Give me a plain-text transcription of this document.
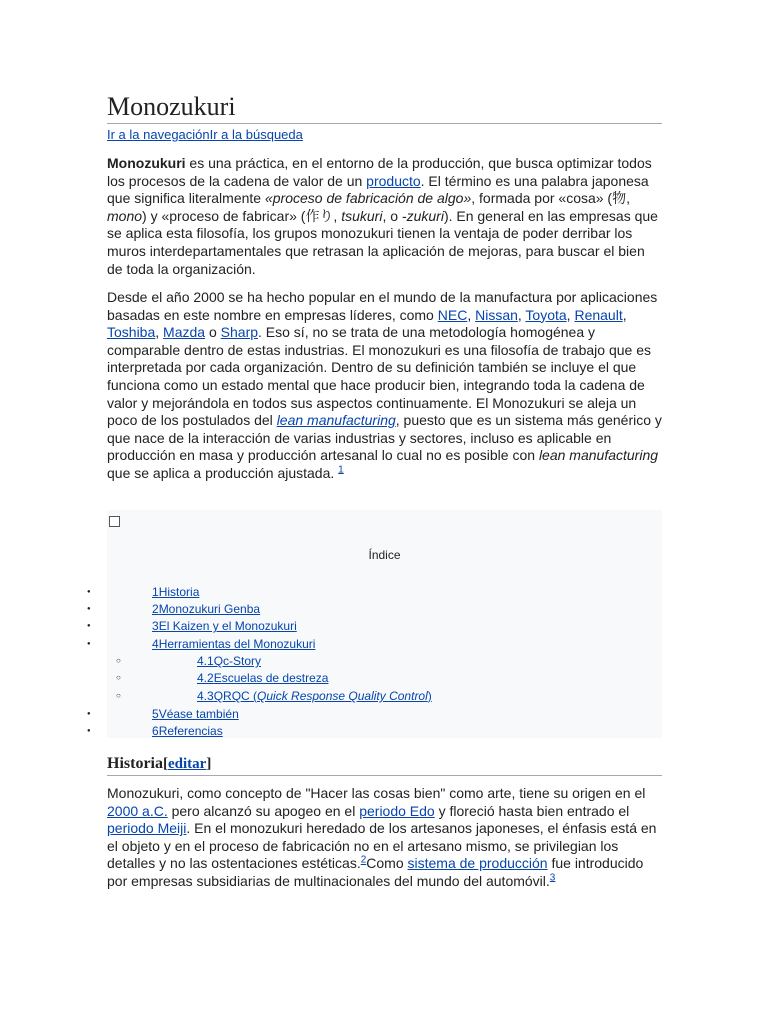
Monozukuri
Ir a la navegaciónIr a la búsqueda

Monozukuri es una práctica, en el entorno de la producción, que busca optimizar todos los procesos de la cadena de valor de un producto. El término es una palabra japonesa que significa literalmente «proceso de fabricación de algo», formada por «cosa» (物, mono) y «proceso de fabricar» (作り, tsukuri, o -zukuri). En general en las empresas que se aplica esta filosofía, los grupos monozukuri tienen la ventaja de poder derribar los muros interdepartamentales que retrasan la aplicación de mejoras, para buscar el bien de toda la organización.

Desde el año 2000 se ha hecho popular en el mundo de la manufactura por aplicaciones basadas en este nombre en empresas líderes, como NEC, Nissan, Toyota, Renault, Toshiba, Mazda o Sharp. Eso sí, no se trata de una metodología homogénea y comparable dentro de estas industrias. El monozukuri es una filosofía de trabajo que es interpretada por cada organización. Dentro de su definición también se incluye el que funciona como un estado mental que hace producir bien, integrando toda la cadena de valor y mejorándola en todos sus aspectos continuamente. El Monozukuri se aleja un poco de los postulados del lean manufacturing, puesto que es un sistema más genérico y que nace de la interacción de varias industrias y sectores, incluso es aplicable en producción en masa y producción artesanal lo cual no es posible con lean manufacturing que se aplica a producción ajustada. $^1$

Historia[editar]

Monozukuri, como concepto de "Hacer las cosas bien" como arte, tiene su origen en el 2000 a.C. pero alcanzó su apogeo en el periodo Edo y floreció hasta bien entrado el periodo Meiji. En el monozukuri heredado de los artesanos japoneses, el énfasis está en el objeto y en el proceso de fabricación no en el artesano mismo, se privilegian los detalles y no las ostentaciones estéticas.$^2$Como sistema de producción fue introducido por empresas subsidiarias de multinacionales del mundo del automóvil.$^3$

Índice
●
1Historia
●
2Monozukuri Genba
●
3El Kaizen y el Monozukuri
●
4Herramientas del Monozukuri
○
4.1Qc-Story
○
4.2Escuelas de destreza
○
4.3QRQC (Quick Response Quality Control)
●
5Véase también
●
6Referencias
